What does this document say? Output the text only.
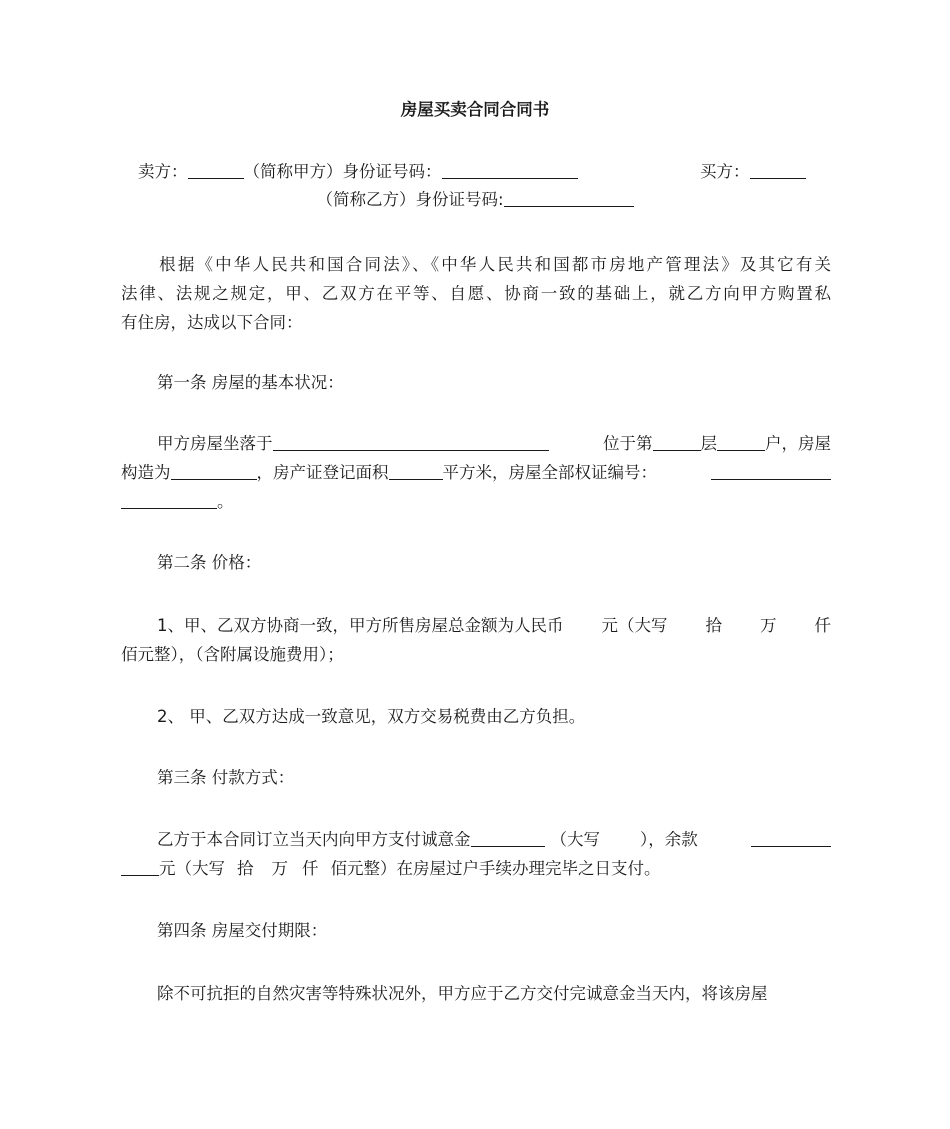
房屋买卖合同合同书
卖方：	（简称甲方）身份证号码：	买方：
（简称乙方）身份证号码:
根据《中华人民共和国合同法》、《中华人民共和国都市房地产管理法》及其它有关
法律、法规之规定，甲、乙双方在平等、自愿、协商一致的基础上，就乙方向甲方购置私
有住房，达成以下合同：
第一条 房屋的基本状况：
甲方房屋坐落于	位于第	层	户，房屋
构造为	，房产证登记面积	平方米，房屋全部权证编号：
。
第二条 价格：
1、甲、乙双方协商一致，甲方所售房屋总金额为人民币 元（大写 拾 万 仟
佰元整），（含附属设施费用）；
2、 甲、乙双方达成一致意见，双方交易税费由乙方负担。
第三条 付款方式：
乙方于本合同订立当天内向甲方支付诚意金	（大写 ），余款
元（大写 拾 万 仟 佰元整）在房屋过户手续办理完毕之日支付。
第四条 房屋交付期限：
除不可抗拒的自然灾害等特殊状况外，甲方应于乙方交付完诚意金当天内，将该房屋
